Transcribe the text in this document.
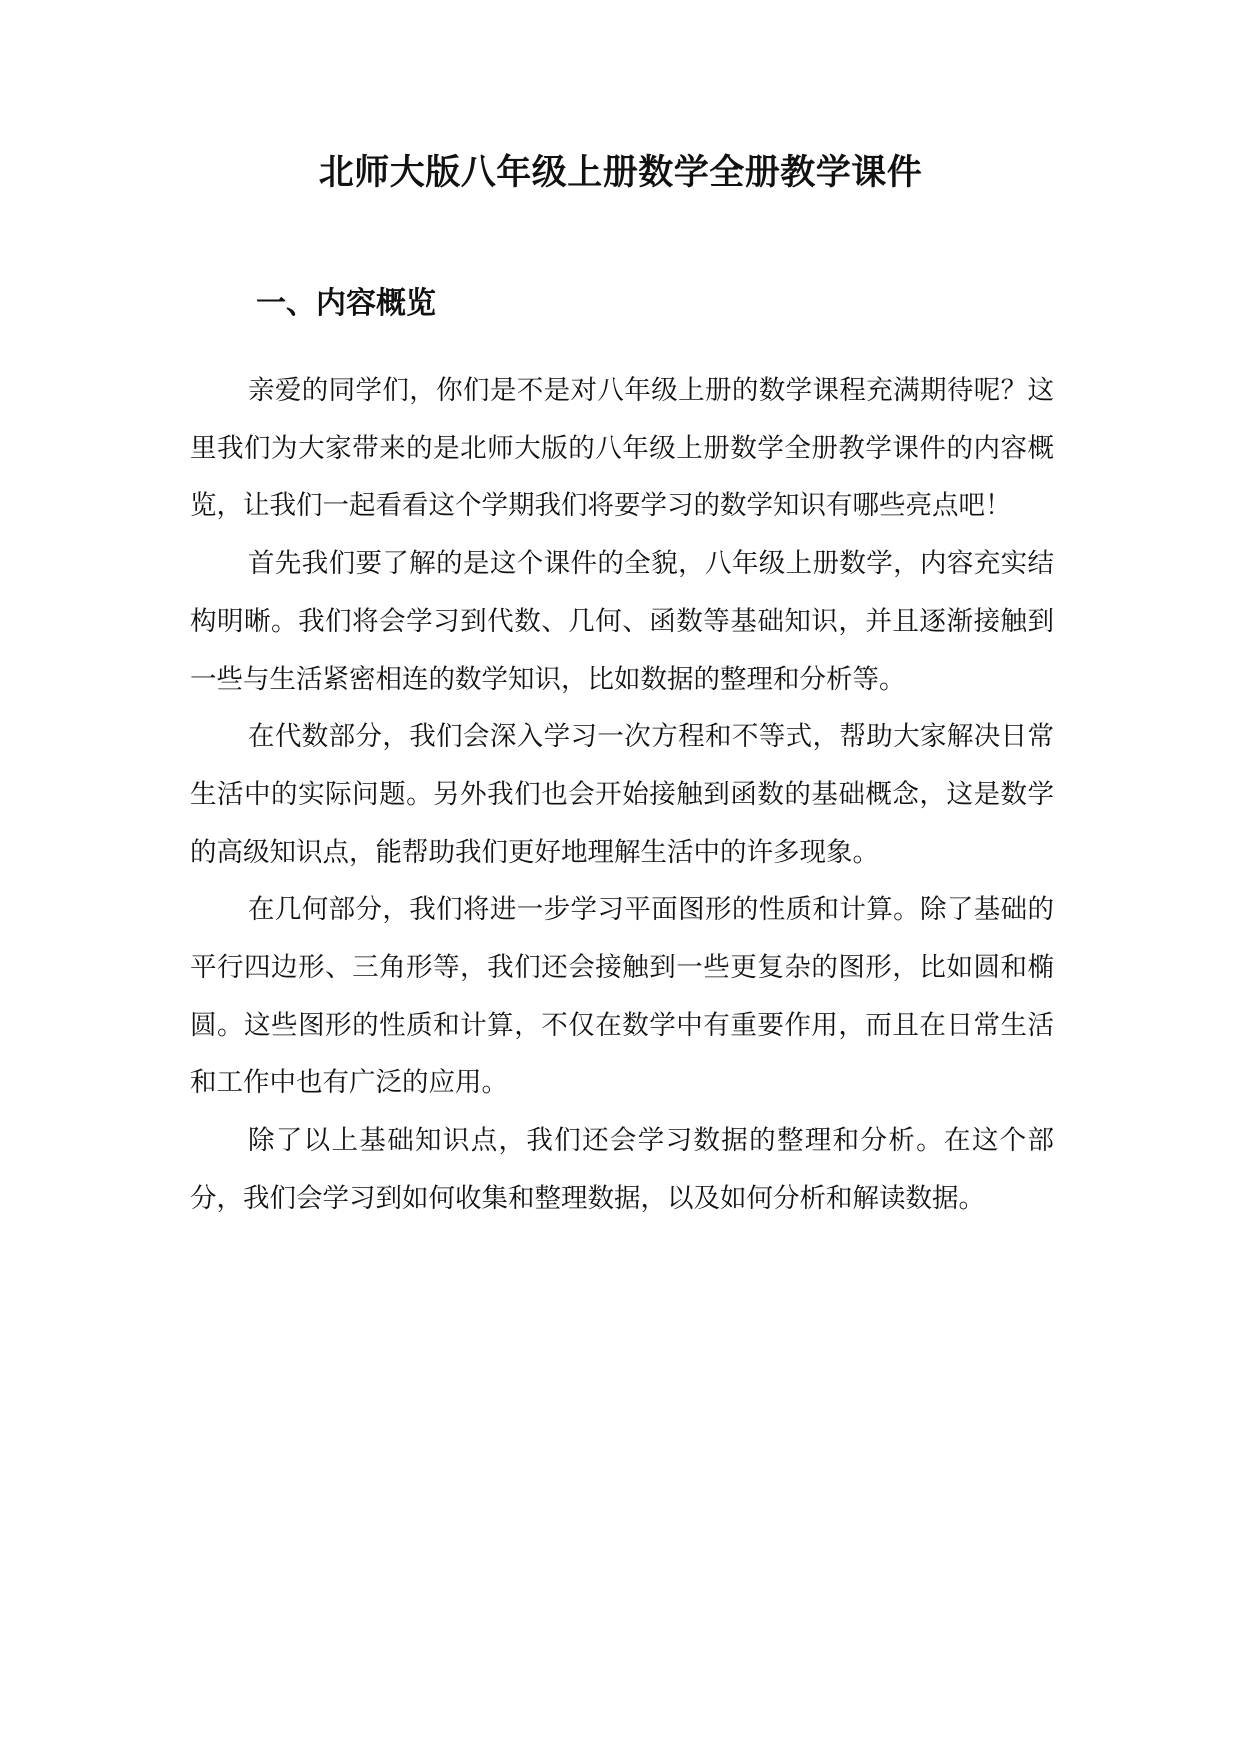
北师大版八年级上册数学全册教学课件
一、内容概览

亲爱的同学们，你们是不是对八年级上册的数学课程充满期待呢？这里我们为大家带来的是北师大版的八年级上册数学全册教学课件的内容概览，让我们一起看看这个学期我们将要学习的数学知识有哪些亮点吧！

首先我们要了解的是这个课件的全貌，八年级上册数学，内容充实结构明晰。我们将会学习到代数、几何、函数等基础知识，并且逐渐接触到一些与生活紧密相连的数学知识，比如数据的整理和分析等。

在代数部分，我们会深入学习一次方程和不等式，帮助大家解决日常生活中的实际问题。另外我们也会开始接触到函数的基础概念，这是数学的高级知识点，能帮助我们更好地理解生活中的许多现象。

在几何部分，我们将进一步学习平面图形的性质和计算。除了基础的平行四边形、三角形等，我们还会接触到一些更复杂的图形，比如圆和椭圆。这些图形的性质和计算，不仅在数学中有重要作用，而且在日常生活和工作中也有广泛的应用。

除了以上基础知识点，我们还会学习数据的整理和分析。在这个部分，我们会学习到如何收集和整理数据，以及如何分析和解读数据。
